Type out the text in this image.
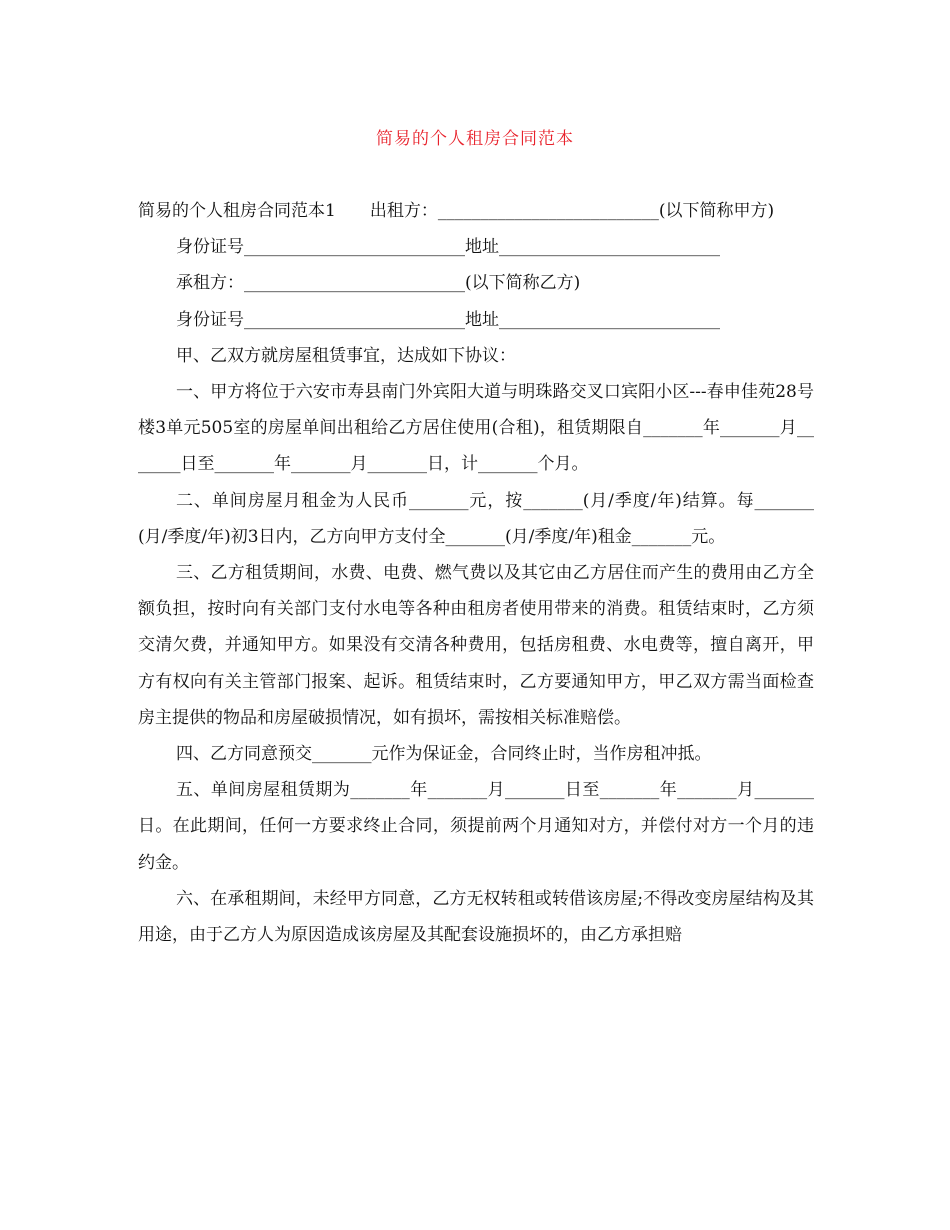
简易的个人租房合同范本

简易的个人租房合同范本1　　出租方：__________________________(以下简称甲方)

身份证号__________________________地址__________________________

承租方：__________________________(以下简称乙方)

身份证号__________________________地址__________________________

甲、乙双方就房屋租赁事宜，达成如下协议：

一、甲方将位于六安市寿县南门外宾阳大道与明珠路交叉口宾阳小区---春申佳苑28号楼3单元505室的房屋单间出租给乙方居住使用(合租)，租赁期限自_______年_______月_______日至_______年_______月_______日，计_______个月。

二、单间房屋月租金为人民币_______元，按_______(月/季度/年)结算。每_______(月/季度/年)初3日内，乙方向甲方支付全_______(月/季度/年)租金_______元。

三、乙方租赁期间，水费、电费、燃气费以及其它由乙方居住而产生的费用由乙方全额负担，按时向有关部门支付水电等各种由租房者使用带来的消费。租赁结束时，乙方须交清欠费，并通知甲方。如果没有交清各种费用，包括房租费、水电费等，擅自离开，甲方有权向有关主管部门报案、起诉。租赁结束时，乙方要通知甲方，甲乙双方需当面检查房主提供的物品和房屋破损情况，如有损坏，需按相关标准赔偿。

四、乙方同意预交_______元作为保证金，合同终止时，当作房租冲抵。

五、单间房屋租赁期为_______年_______月_______日至_______年_______月_______日。在此期间，任何一方要求终止合同，须提前两个月通知对方，并偿付对方一个月的违约金。

六、在承租期间，未经甲方同意，乙方无权转租或转借该房屋;不得改变房屋结构及其用途，由于乙方人为原因造成该房屋及其配套设施损坏的，由乙方承担赔
